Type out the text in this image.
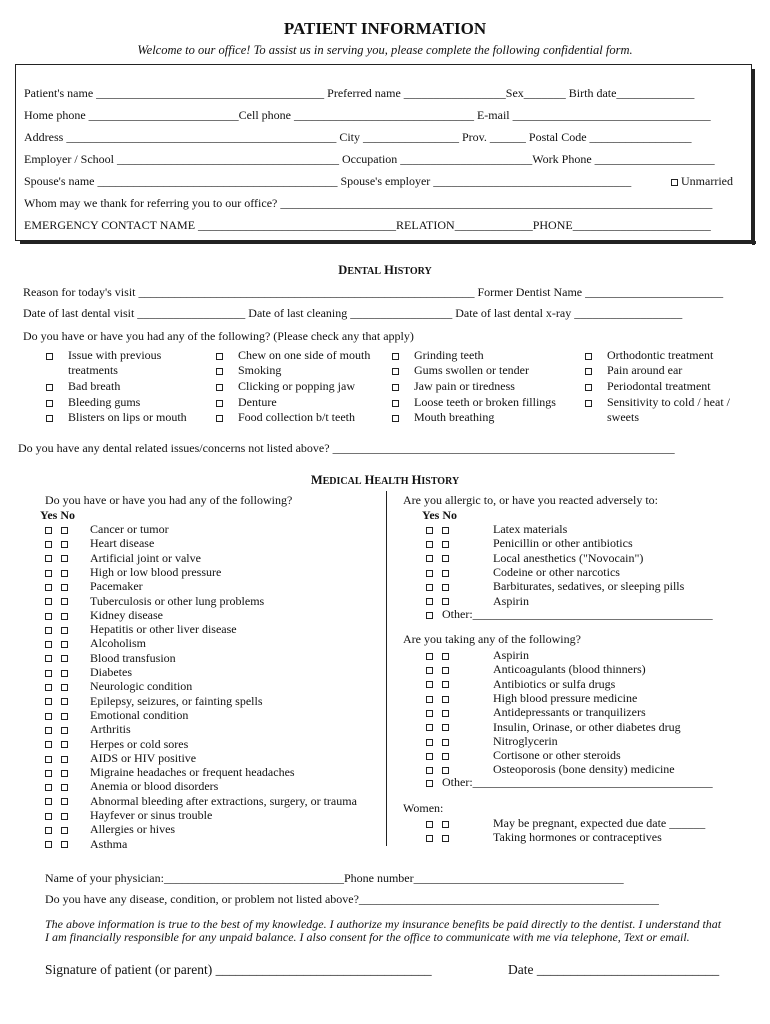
PATIENT INFORMATION
Welcome to our office! To assist us in serving you, please complete the following confidential form.
Patient's name ______________________________________ Preferred name _________________Sex_______ Birth date_____________
Home phone _________________________Cell phone ______________________________ E-mail _________________________________
Address _____________________________________________ City ________________ Prov. ______ Postal Code _________________
Employer / School _____________________________________ Occupation ______________________Work Phone ____________________
Spouse's name ________________________________________ Spouse's employer _________________________________	Unmarried
Whom may we thank for referring you to our office? ________________________________________________________________________
EMERGENCY CONTACT NAME _________________________________RELATION_____________PHONE_______________________
DENTAL HISTORY
Reason for today's visit ________________________________________________________ Former Dentist Name _______________________
Date of last dental visit __________________ Date of last cleaning _________________ Date of last dental x-ray __________________
Do you have or have you had any of the following? (Please check any that apply)
Issue with previous
treatments
Bad breath
Bleeding gums
Blisters on lips or mouth
Chew on one side of mouth
Smoking
Clicking or popping jaw
Denture
Food collection b/t teeth
Grinding teeth
Gums swollen or tender
Jaw pain or tiredness
Loose teeth or broken fillings
Mouth breathing
Orthodontic treatment
Pain around ear
Periodontal treatment
Sensitivity to cold / heat /
sweets
Do you have any dental related issues/concerns not listed above? _________________________________________________________
MEDICAL HEALTH HISTORY
Do you have or have you had any of the following?
Yes No
Cancer or tumor
Heart disease
Artificial joint or valve
High or low blood pressure
Pacemaker
Tuberculosis or other lung problems
Kidney disease
Hepatitis or other liver disease
Alcoholism
Blood transfusion
Diabetes
Neurologic condition
Epilepsy, seizures, or fainting spells
Emotional condition
Arthritis
Herpes or cold sores
AIDS or HIV positive
Migraine headaches or frequent headaches
Anemia or blood disorders
Abnormal bleeding after extractions, surgery, or trauma
Hayfever or sinus trouble
Allergies or hives
Asthma
Are you allergic to, or have you reacted adversely to:
Yes No
Latex materials
Penicillin or other antibiotics
Local anesthetics ("Novocain")
Codeine or other narcotics
Barbiturates, sedatives, or sleeping pills
Aspirin
Other:________________________________________
Are you taking any of the following?
Aspirin
Anticoagulants (blood thinners)
Antibiotics or sulfa drugs
High blood pressure medicine
Antidepressants or tranquilizers
Insulin, Orinase, or other diabetes drug
Nitroglycerin
Cortisone or other steroids
Osteoporosis (bone density) medicine
Other:________________________________________
Women:
May be pregnant, expected due date ______
Taking hormones or contraceptives
Name of your physician:______________________________Phone number___________________________________
Do you have any disease, condition, or problem not listed above?__________________________________________________
The above information is true to the best of my knowledge. I authorize my insurance benefits be paid directly to the dentist. I understand that I am financially responsible for any unpaid balance. I also consent for the office to communicate with me via telephone, Text or email.
Signature of patient (or parent) ________________________________	Date ___________________________
